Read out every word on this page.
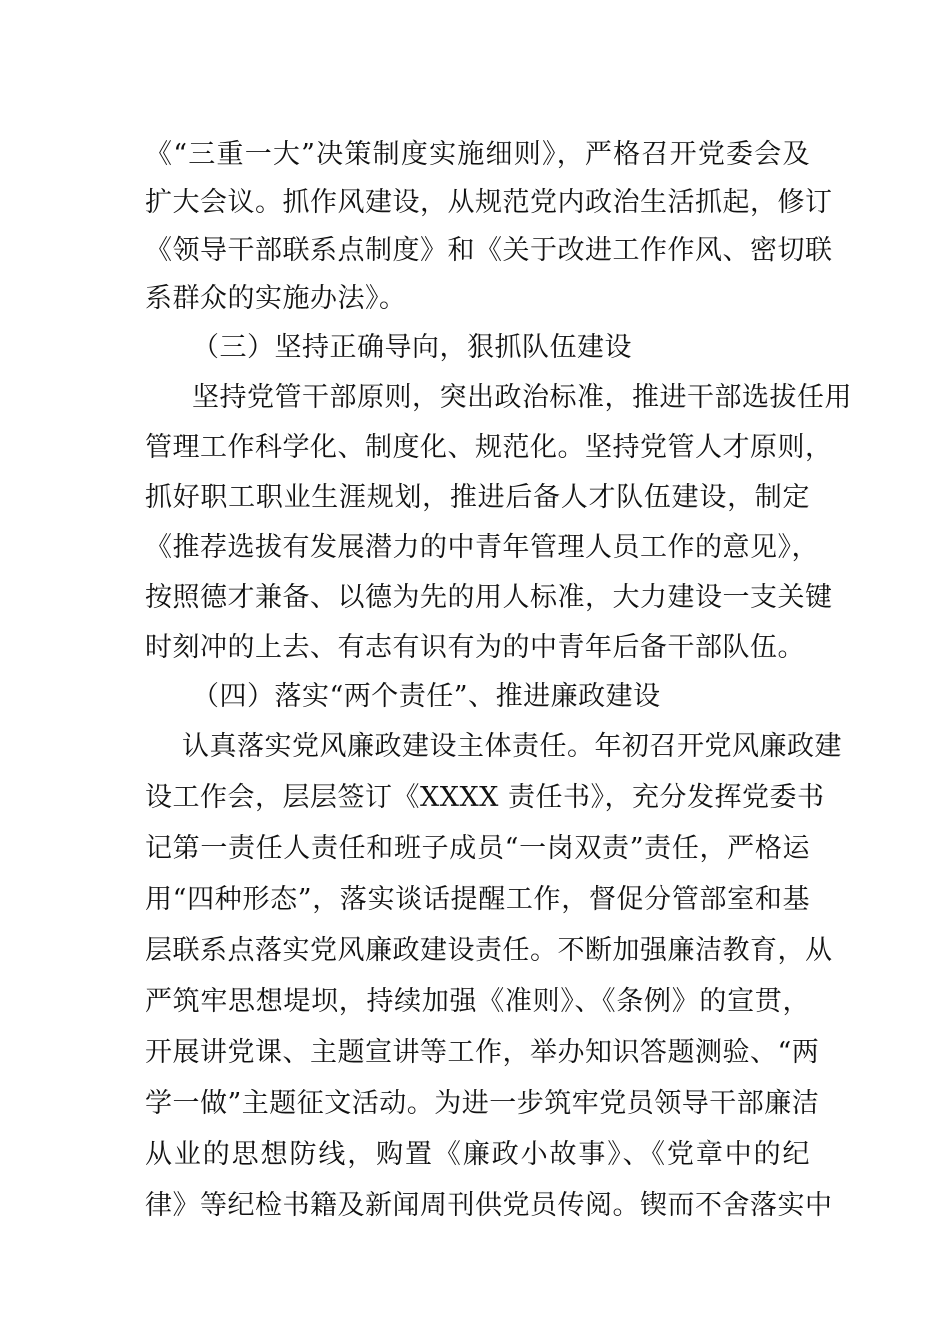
《“三重一大”决策制度实施细则》，严格召开党委会及
扩大会议。抓作风建设，从规范党内政治生活抓起，修订
《领导干部联系点制度》和《关于改进工作作风、密切联
系群众的实施办法》。
（三）坚持正确导向，狠抓队伍建设
坚持党管干部原则，突出政治标准，推进干部选拔任用
管理工作科学化、制度化、规范化。坚持党管人才原则，
抓好职工职业生涯规划，推进后备人才队伍建设，制定
《推荐选拔有发展潜力的中青年管理人员工作的意见》，
按照德才兼备、以德为先的用人标准，大力建设一支关键
时刻冲的上去、有志有识有为的中青年后备干部队伍。
（四）落实“两个责任”、推进廉政建设
认真落实党风廉政建设主体责任。年初召开党风廉政建
设工作会，层层签订《XXXX 责任书》，充分发挥党委书
记第一责任人责任和班子成员“一岗双责”责任，严格运
用“四种形态”，落实谈话提醒工作，督促分管部室和基
层联系点落实党风廉政建设责任。不断加强廉洁教育，从
严筑牢思想堤坝，持续加强《准则》、《条例》的宣贯，
开展讲党课、主题宣讲等工作，举办知识答题测验、“两
学一做”主题征文活动。为进一步筑牢党员领导干部廉洁
从业的思想防线，购置《廉政小故事》、《党章中的纪
律》等纪检书籍及新闻周刊供党员传阅。锲而不舍落实中
